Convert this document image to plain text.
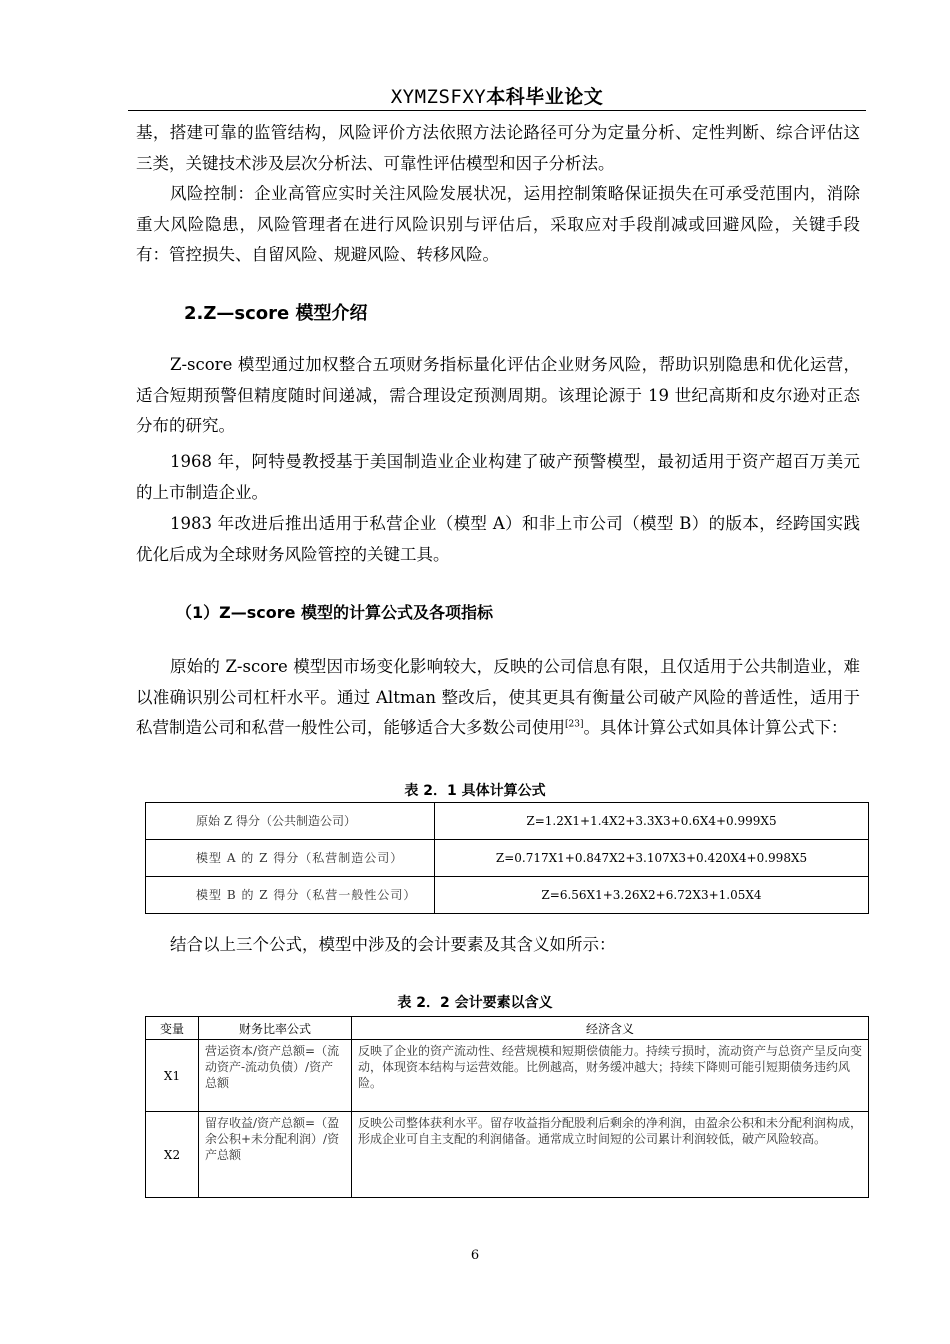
XYMZSFXY本科毕业论文

基，搭建可靠的监管结构，风险评价方法依照方法论路径可分为定量分析、定性判断、综合评估这三类，关键技术涉及层次分析法、可靠性评估模型和因子分析法。

风险控制：企业高管应实时关注风险发展状况，运用控制策略保证损失在可承受范围内，消除重大风险隐患，风险管理者在进行风险识别与评估后，采取应对手段削减或回避风险，关键手段有：管控损失、自留风险、规避风险、转移风险。

2.Z—score 模型介绍

Z-score 模型通过加权整合五项财务指标量化评估企业财务风险，帮助识别隐患和优化运营，适合短期预警但精度随时间递减，需合理设定预测周期。该理论源于 19 世纪高斯和皮尔逊对正态分布的研究。

1968 年，阿特曼教授基于美国制造业企业构建了破产预警模型，最初适用于资产超百万美元的上市制造企业。

1983 年改进后推出适用于私营企业（模型 A）和非上市公司（模型 B）的版本，经跨国实践优化后成为全球财务风险管控的关键工具。

（1）Z—score 模型的计算公式及各项指标

原始的 Z-score 模型因市场变化影响较大，反映的公司信息有限，且仅适用于公共制造业，难以准确识别公司杠杆水平。通过 Altman 整改后，使其更具有衡量公司破产风险的普适性，适用于私营制造公司和私营一般性公司，能够适合大多数公司使用[23]。具体计算公式如具体计算公式下：

表 2．1 具体计算公式
原始 Z 得分（公共制造公司）	Z=1.2X1+1.4X2+3.3X3+0.6X4+0.999X5
模型 A 的 Z 得分（私营制造公司）	Z=0.717X1+0.847X2+3.107X3+0.420X4+0.998X5
模型 B 的 Z 得分（私营一般性公司）	Z=6.56X1+3.26X2+6.72X3+1.05X4

结合以上三个公式，模型中涉及的会计要素及其含义如所示：

表 2．2 会计要素以含义
变量	财务比率公式	经济含义
X1	营运资本/资产总额=（流动资产-流动负债）/资产总额	反映了企业的资产流动性、经营规模和短期偿债能力。持续亏损时，流动资产与总资产呈反向变动，体现资本结构与运营效能。比例越高，财务缓冲越大；持续下降则可能引短期债务违约风险。
X2	留存收益/资产总额=（盈余公积+未分配利润）/资产总额	反映公司整体获利水平。留存收益指分配股利后剩余的净利润，由盈余公积和未分配利润构成，形成企业可自主支配的利润储备。通常成立时间短的公司累计利润较低，破产风险较高。
6
